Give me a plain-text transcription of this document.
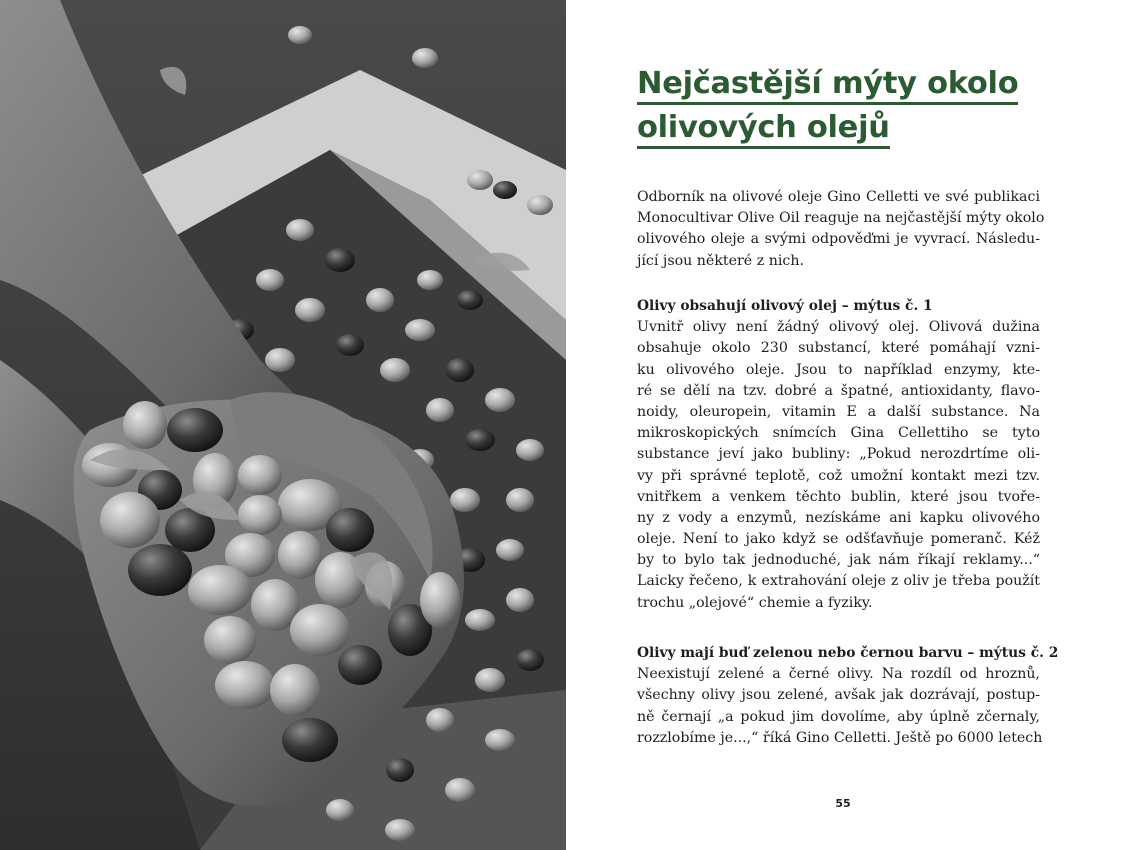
Nejčastější mýty okolo
olivových olejů
Odborník na olivové oleje Gino Celletti ve své publikaci
Monocultivar Olive Oil reaguje na nejčastější mýty okolo
olivového oleje a svými odpověďmi je vyvrací. Následu-
jící jsou některé z nich.
Olivy obsahují olivový olej – mýtus č. 1
Uvnitř olivy není žádný olivový olej. Olivová dužina
obsahuje okolo 230 substancí, které pomáhají vzni-
ku olivového oleje. Jsou to například enzymy, kte-
ré se dělí na tzv. dobré a špatné, antioxidanty, flavo-
noidy, oleuropein, vitamin E a další substance. Na
mikroskopických snímcích Gina Cellettiho se tyto
substance jeví jako bubliny: „Pokud nerozdrtíme oli-
vy při správné teplotě, což umožní kontakt mezi tzv.
vnitřkem a venkem těchto bublin, které jsou tvoře-
ny z vody a enzymů, nezískáme ani kapku olivového
oleje. Není to jako když se odšťavňuje pomeranč. Kéž
by to bylo tak jednoduché, jak nám říkají reklamy...“
Laicky řečeno, k extrahování oleje z oliv je třeba použít
trochu „olejové“ chemie a fyziky.
Olivy mají buď zelenou nebo černou barvu – mýtus č. 2
Neexistují zelené a černé olivy. Na rozdíl od hroznů,
všechny olivy jsou zelené, avšak jak dozrávají, postup-
ně černají „a pokud jim dovolíme, aby úplně zčernaly,
rozzlobíme je...,“ říká Gino Celletti. Ještě po 6000 letech
55
